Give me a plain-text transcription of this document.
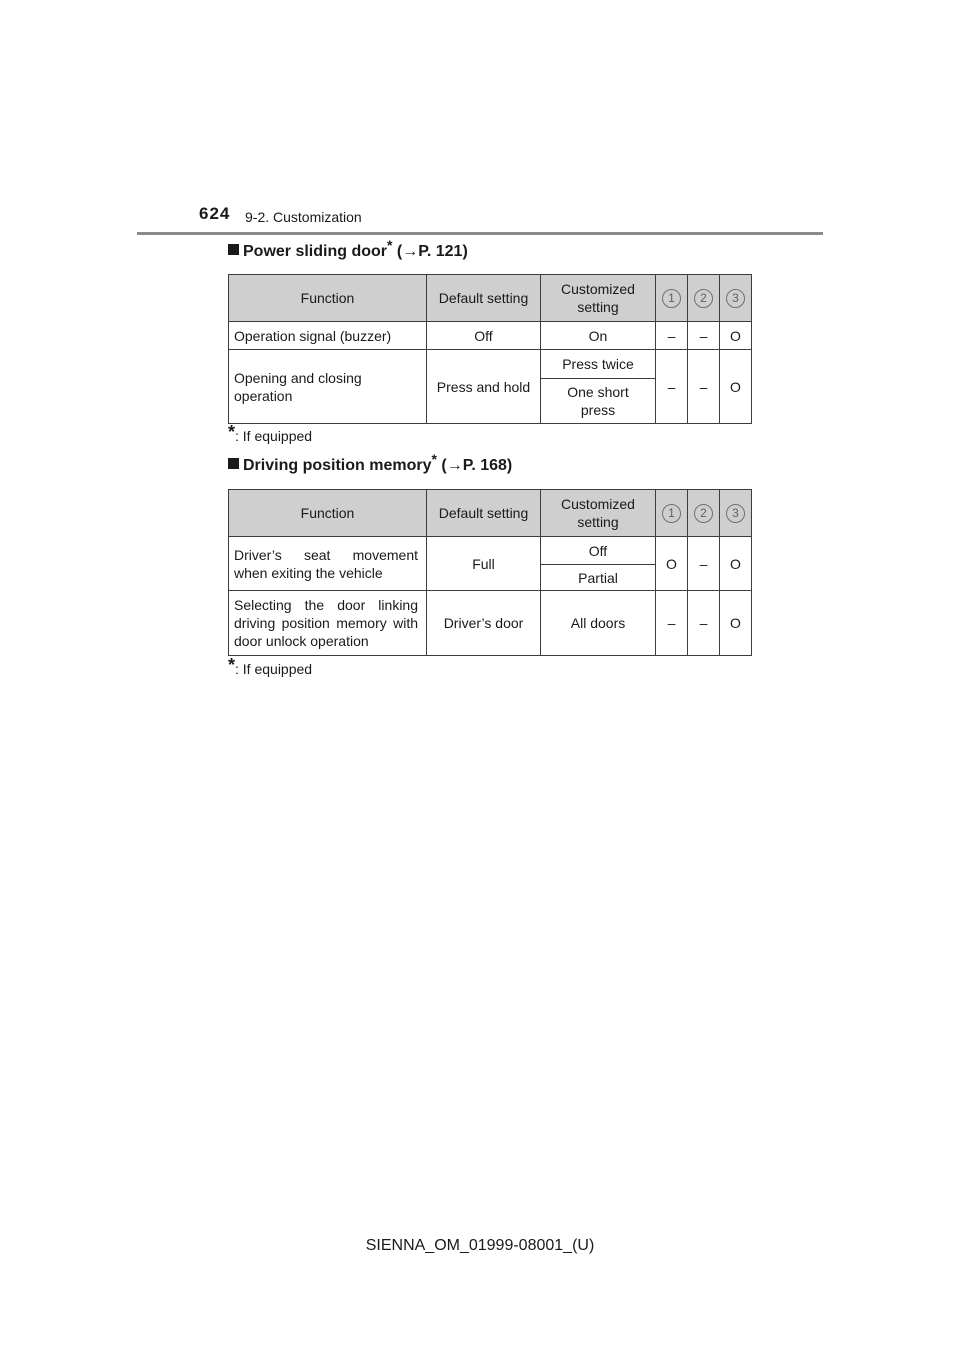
624 9-2. Customization
Power sliding door* (→P. 121)
Function	Default setting	Customized setting	1	2	3
Operation signal (buzzer)	Off	On	–	–	O
Opening and closing operation	Press and hold	Press twice	–	–	O
		One short press			
*: If equipped
Driving position memory* (→P. 168)
Function	Default setting	Customized setting	1	2	3
Driver’s seat movement when exiting the vehicle	Full	Off	O	–	O
		Partial			
Selecting the door linking driving position memory with door unlock operation	Driver’s door	All doors	–	–	O
*: If equipped
SIENNA_OM_01999-08001_(U)
